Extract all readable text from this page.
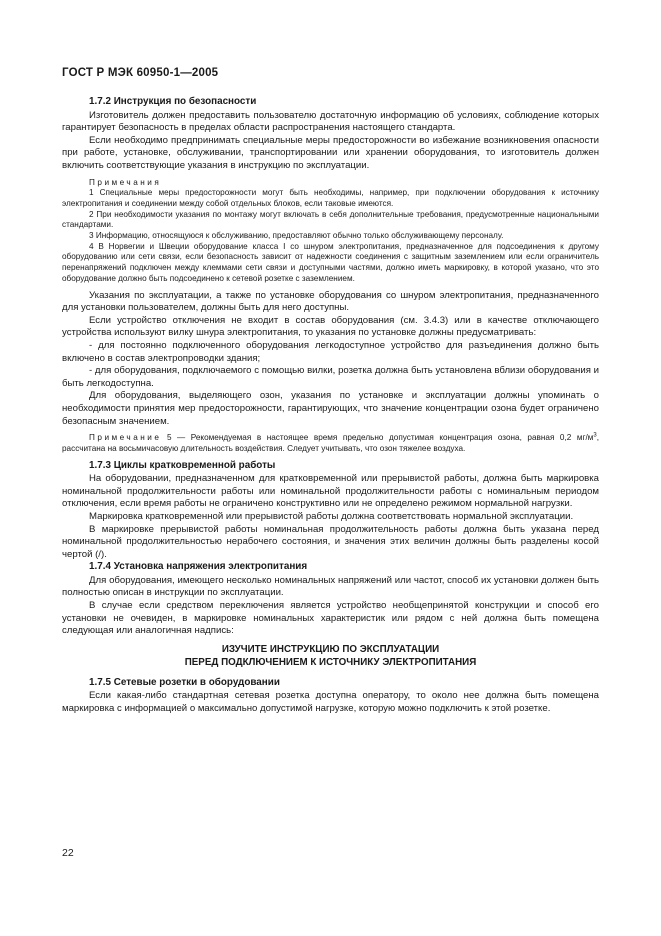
ГОСТ Р МЭК 60950-1—2005
1.7.2 Инструкция по безопасности

Изготовитель должен предоставить пользователю достаточную информацию об условиях, соблюдение которых гарантирует безопасность в пределах области распространения настоящего стандарта.

Если необходимо предпринимать специальные меры предосторожности во избежание возникновения опасности при работе, установке, обслуживании, транспортировании или хранении оборудования, то изготовитель должен включить соответствующие указания в инструкцию по эксплуатации.

Примечания

1 Специальные меры предосторожности могут быть необходимы, например, при подключении оборудования к источнику электропитания и соединении между собой отдельных блоков, если таковые имеются.

2 При необходимости указания по монтажу могут включать в себя дополнительные требования, предусмотренные национальными стандартами.

3 Информацию, относящуюся к обслуживанию, предоставляют обычно только обслуживающему персоналу.

4 В Норвегии и Швеции оборудование класса I со шнуром электропитания, предназначенное для подсоединения к другому оборудованию или сети связи, если безопасность зависит от надежности соединения с защитным заземлением или если ограничитель перенапряжений подключен между клеммами сети связи и доступными частями, должно иметь маркировку, в которой указано, что это оборудование должно быть подсоединено к сетевой розетке с заземлением.

Указания по эксплуатации, а также по установке оборудования со шнуром электропитания, предназначенного для установки пользователем, должны быть для него доступны.

Если устройство отключения не входит в состав оборудования (см. 3.4.3) или в качестве отключающего устройства используют вилку шнура электропитания, то указания по установке должны предусматривать:

- для постоянно подключенного оборудования легкодоступное устройство для разъединения должно быть включено в состав электропроводки здания;

- для оборудования, подключаемого с помощью вилки, розетка должна быть установлена вблизи оборудования и быть легкодоступна.

Для оборудования, выделяющего озон, указания по установке и эксплуатации должны упоминать о необходимости принятия мер предосторожности, гарантирующих, что значение концентрации озона будет ограничено безопасным значением.

Примечание 5 — Рекомендуемая в настоящее время предельно допустимая концентрация озона, равная 0,2 $мг/м^3$, рассчитана на восьмичасовую длительность воздействия. Следует учитывать, что озон тяжелее воздуха.

1.7.3 Циклы кратковременной работы

На оборудовании, предназначенном для кратковременной или прерывистой работы, должна быть маркировка номинальной продолжительности работы или номинальной продолжительности работы с номинальным периодом отключения, если время работы не ограничено конструктивно или не определено режимом нормальной нагрузки.

Маркировка кратковременной или прерывистой работы должна соответствовать нормальной эксплуатации.

В маркировке прерывистой работы номинальная продолжительность работы должна быть указана перед номинальной продолжительностью нерабочего состояния, и значения этих величин должны быть разделены косой чертой (/).

1.7.4 Установка напряжения электропитания

Для оборудования, имеющего несколько номинальных напряжений или частот, способ их установки должен быть полностью описан в инструкции по эксплуатации.

В случае если средством переключения является устройство необщепринятой конструкции и способ его установки не очевиден, в маркировке номинальных характеристик или рядом с ней должна быть помещена следующая или аналогичная надпись:

ИЗУЧИТЕ ИНСТРУКЦИЮ ПО ЭКСПЛУАТАЦИИ

ПЕРЕД ПОДКЛЮЧЕНИЕМ К ИСТОЧНИКУ ЭЛЕКТРОПИТАНИЯ

1.7.5 Сетевые розетки в оборудовании

Если какая-либо стандартная сетевая розетка доступна оператору, то около нее должна быть помещена маркировка с информацией о максимально допустимой нагрузке, которую можно подключить к этой розетке.

22
